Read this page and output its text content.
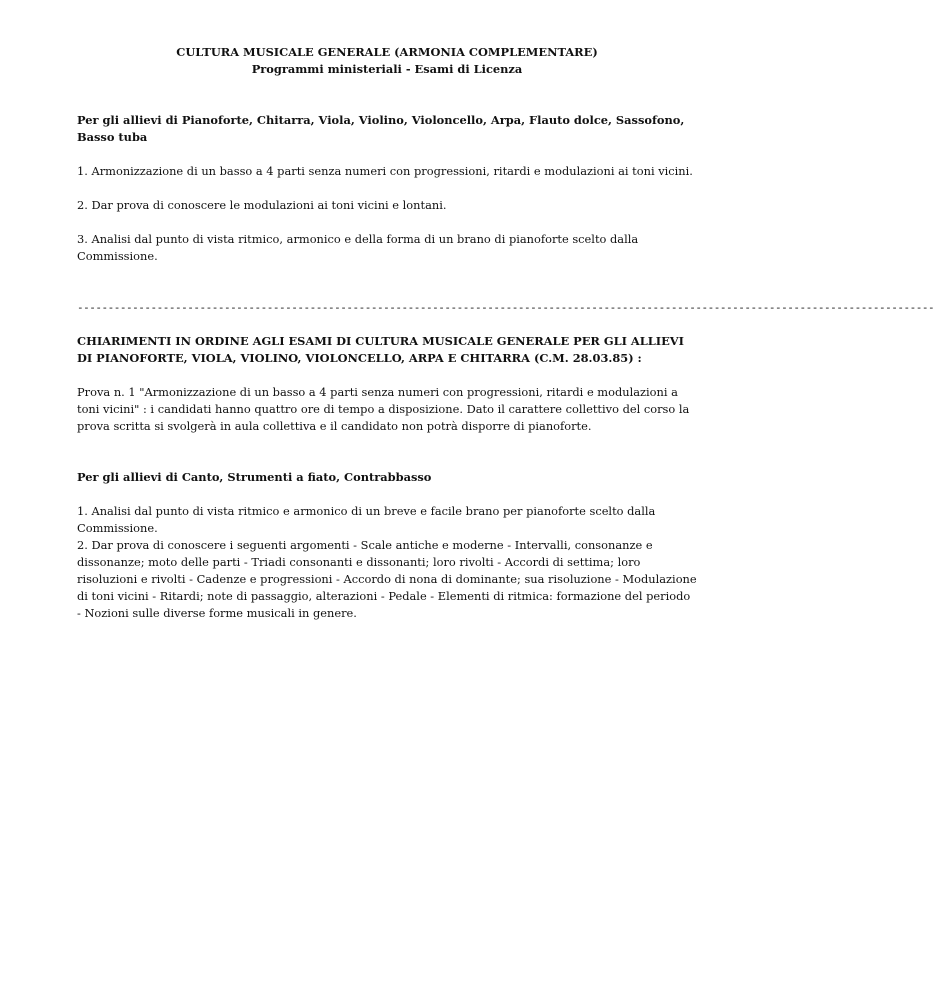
CULTURA MUSICALE GENERALE (ARMONIA COMPLEMENTARE)

Programmi ministeriali - Esami di Licenza

Per gli allievi di Pianoforte, Chitarra, Viola, Violino, Violoncello, Arpa, Flauto dolce, Sassofono, Basso tuba

1. Armonizzazione di un basso a 4 parti senza numeri con progressioni, ritardi e modulazioni ai toni vicini.

2. Dar prova di conoscere le modulazioni ai toni vicini e lontani.

3. Analisi dal punto di vista ritmico, armonico e della forma di un brano di pianoforte scelto dalla Commissione.

--------------------------------------------------------------------------------------------------------------------------------------------

CHIARIMENTI IN ORDINE AGLI ESAMI DI CULTURA MUSICALE GENERALE PER GLI ALLIEVI DI PIANOFORTE, VIOLA, VIOLINO, VIOLONCELLO, ARPA E CHITARRA (C.M. 28.03.85) :

Prova n. 1 "Armonizzazione di un basso a 4 parti senza numeri con progressioni, ritardi e modulazioni a toni vicini" : i candidati hanno quattro ore di tempo a disposizione. Dato il carattere collettivo del corso la prova scritta si svolgerà in aula collettiva e il candidato non potrà disporre di pianoforte.

Per gli allievi di Canto, Strumenti a fiato, Contrabbasso

1. Analisi dal punto di vista ritmico e armonico di un breve e facile brano per pianoforte scelto dalla Commissione.

2. Dar prova di conoscere i seguenti argomenti - Scale antiche e moderne - Intervalli, consonanze e dissonanze; moto delle parti - Triadi consonanti e dissonanti; loro rivolti - Accordi di settima; loro risoluzioni e rivolti - Cadenze e progressioni - Accordo di nona di dominante; sua risoluzione - Modulazione di toni vicini - Ritardi; note di passaggio, alterazioni - Pedale - Elementi di ritmica: formazione del periodo - Nozioni sulle diverse forme musicali in genere.
